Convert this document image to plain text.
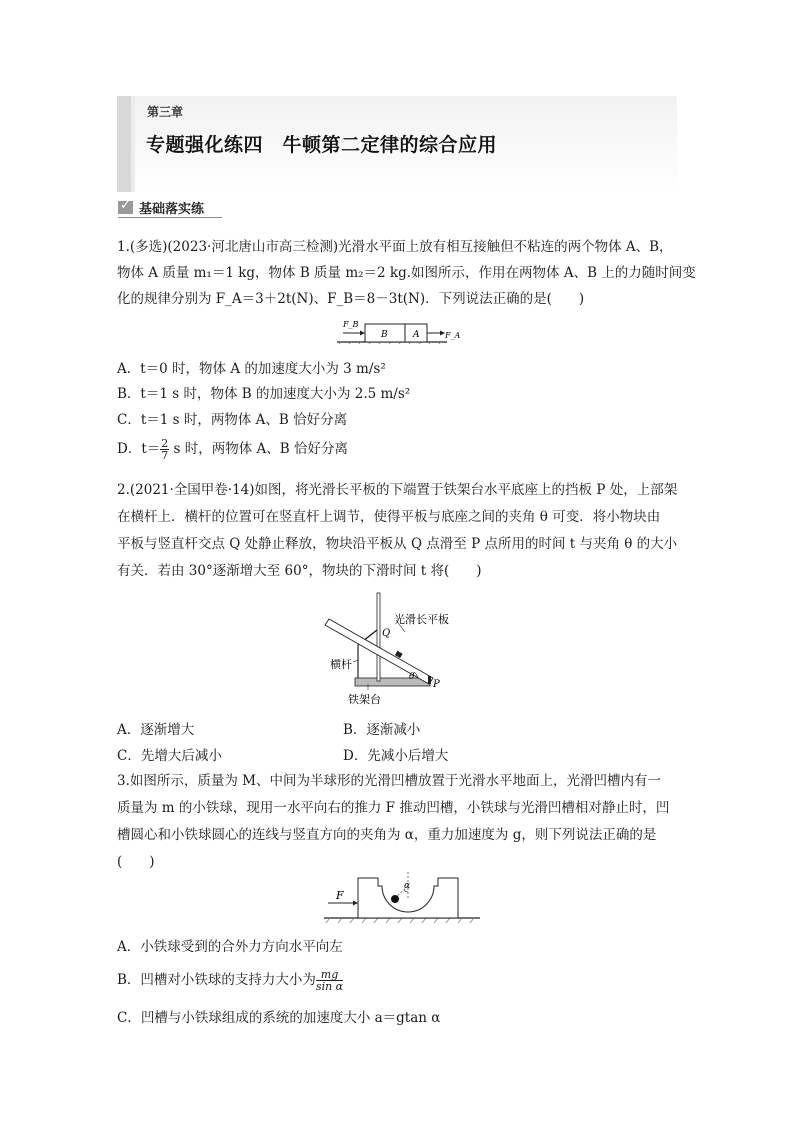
第三章
专题强化练四　牛顿第二定律的综合应用
✓
基础落实练
1.(多选)(2023·河北唐山市高三检测)光滑水平面上放有相互接触但不粘连的两个物体 A、B，
物体 A 质量 m₁＝1 kg，物体 B 质量 m₂＝2 kg.如图所示，作用在两物体 A、B 上的力随时间变
化的规律分别为 F_A＝3＋2t(N)、F_B＝8－3t(N)．下列说法正确的是(　　)
F_B
B	A	F_A
A．t＝0 时，物体 A 的加速度大小为 3 m/s²
B．t＝1 s 时，物体 B 的加速度大小为 2.5 m/s²
C．t＝1 s 时，两物体 A、B 恰好分离
D．$t= \frac{2}{7}$ s 时，两物体 A、B 恰好分离
2.(2021·全国甲卷·14)如图，将光滑长平板的下端置于铁架台水平底座上的挡板 P 处，上部架
在横杆上．横杆的位置可在竖直杆上调节，使得平板与底座之间的夹角 θ 可变．将小物块由
平板与竖直杆交点 Q 处静止释放，物块沿平板从 Q 点滑至 P 点所用的时间 t 与夹角 θ 的大小
有关．若由 30°逐渐增大至 60°，物块的下滑时间 t 将(　　)
光滑长平板
Q
横杆
θ
P
铁架台
A．逐渐增大	B．逐渐减小
C．先增大后减小	D．先减小后增大
3.如图所示，质量为 M、中间为半球形的光滑凹槽放置于光滑水平地面上，光滑凹槽内有一
质量为 m 的小铁球，现用一水平向右的推力 F 推动凹槽，小铁球与光滑凹槽相对静止时，凹
槽圆心和小铁球圆心的连线与竖直方向的夹角为 α，重力加速度为 g，则下列说法正确的是
(　　)
F
α
A．小铁球受到的合外力方向水平向左
B．凹槽对小铁球的支持力大小为 $\frac{mg}{\text{sin α}}$
C．凹槽与小铁球组成的系统的加速度大小 a＝gtan α
